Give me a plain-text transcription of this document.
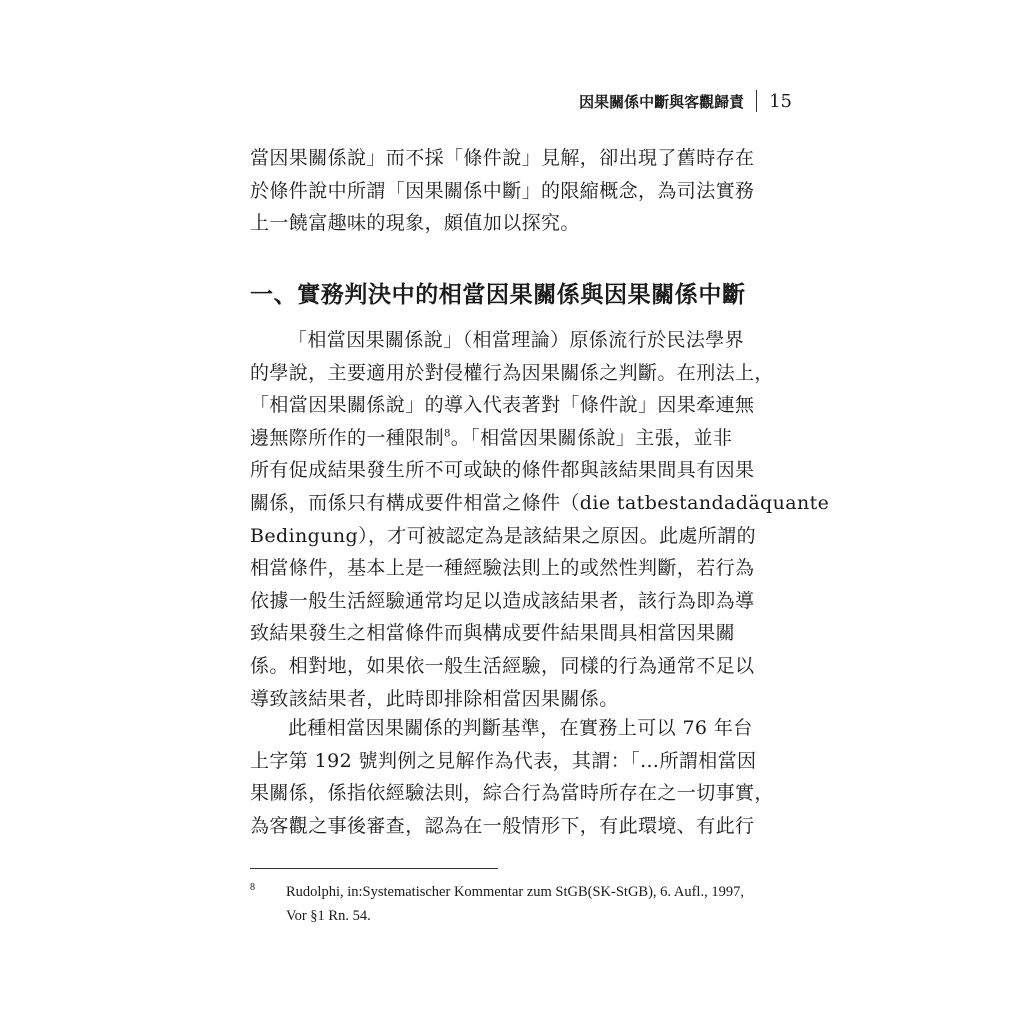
因果關係中斷與客觀歸責 15
當因果關係說」而不採「條件說」見解，卻出現了舊時存在
於條件說中所謂「因果關係中斷」的限縮概念，為司法實務
上一饒富趣味的現象，頗值加以探究。
一、實務判決中的相當因果關係與因果關係中斷
「相當因果關係說」（相當理論）原係流行於民法學界
的學說，主要適用於對侵權行為因果關係之判斷。在刑法上，
「相當因果關係說」的導入代表著對「條件說」因果牽連無
邊無際所作的一種限制$^8$。「相當因果關係說」主張，並非
所有促成結果發生所不可或缺的條件都與該結果間具有因果
關係，而係只有構成要件相當之條件（die tatbestandadäquante
Bedingung），才可被認定為是該結果之原因。此處所謂的
相當條件，基本上是一種經驗法則上的或然性判斷，若行為
依據一般生活經驗通常均足以造成該結果者，該行為即為導
致結果發生之相當條件而與構成要件結果間具相當因果關
係。相對地，如果依一般生活經驗，同樣的行為通常不足以
導致該結果者，此時即排除相當因果關係。
此種相當因果關係的判斷基準，在實務上可以 76 年台
上字第 192 號判例之見解作為代表，其謂：「…所謂相當因
果關係，係指依經驗法則，綜合行為當時所存在之一切事實，
為客觀之事後審查，認為在一般情形下，有此環境、有此行
8	Rudolphi, in:Systematischer Kommentar zum StGB(SK-StGB), 6. Aufl., 1997,
Vor §1 Rn. 54.
